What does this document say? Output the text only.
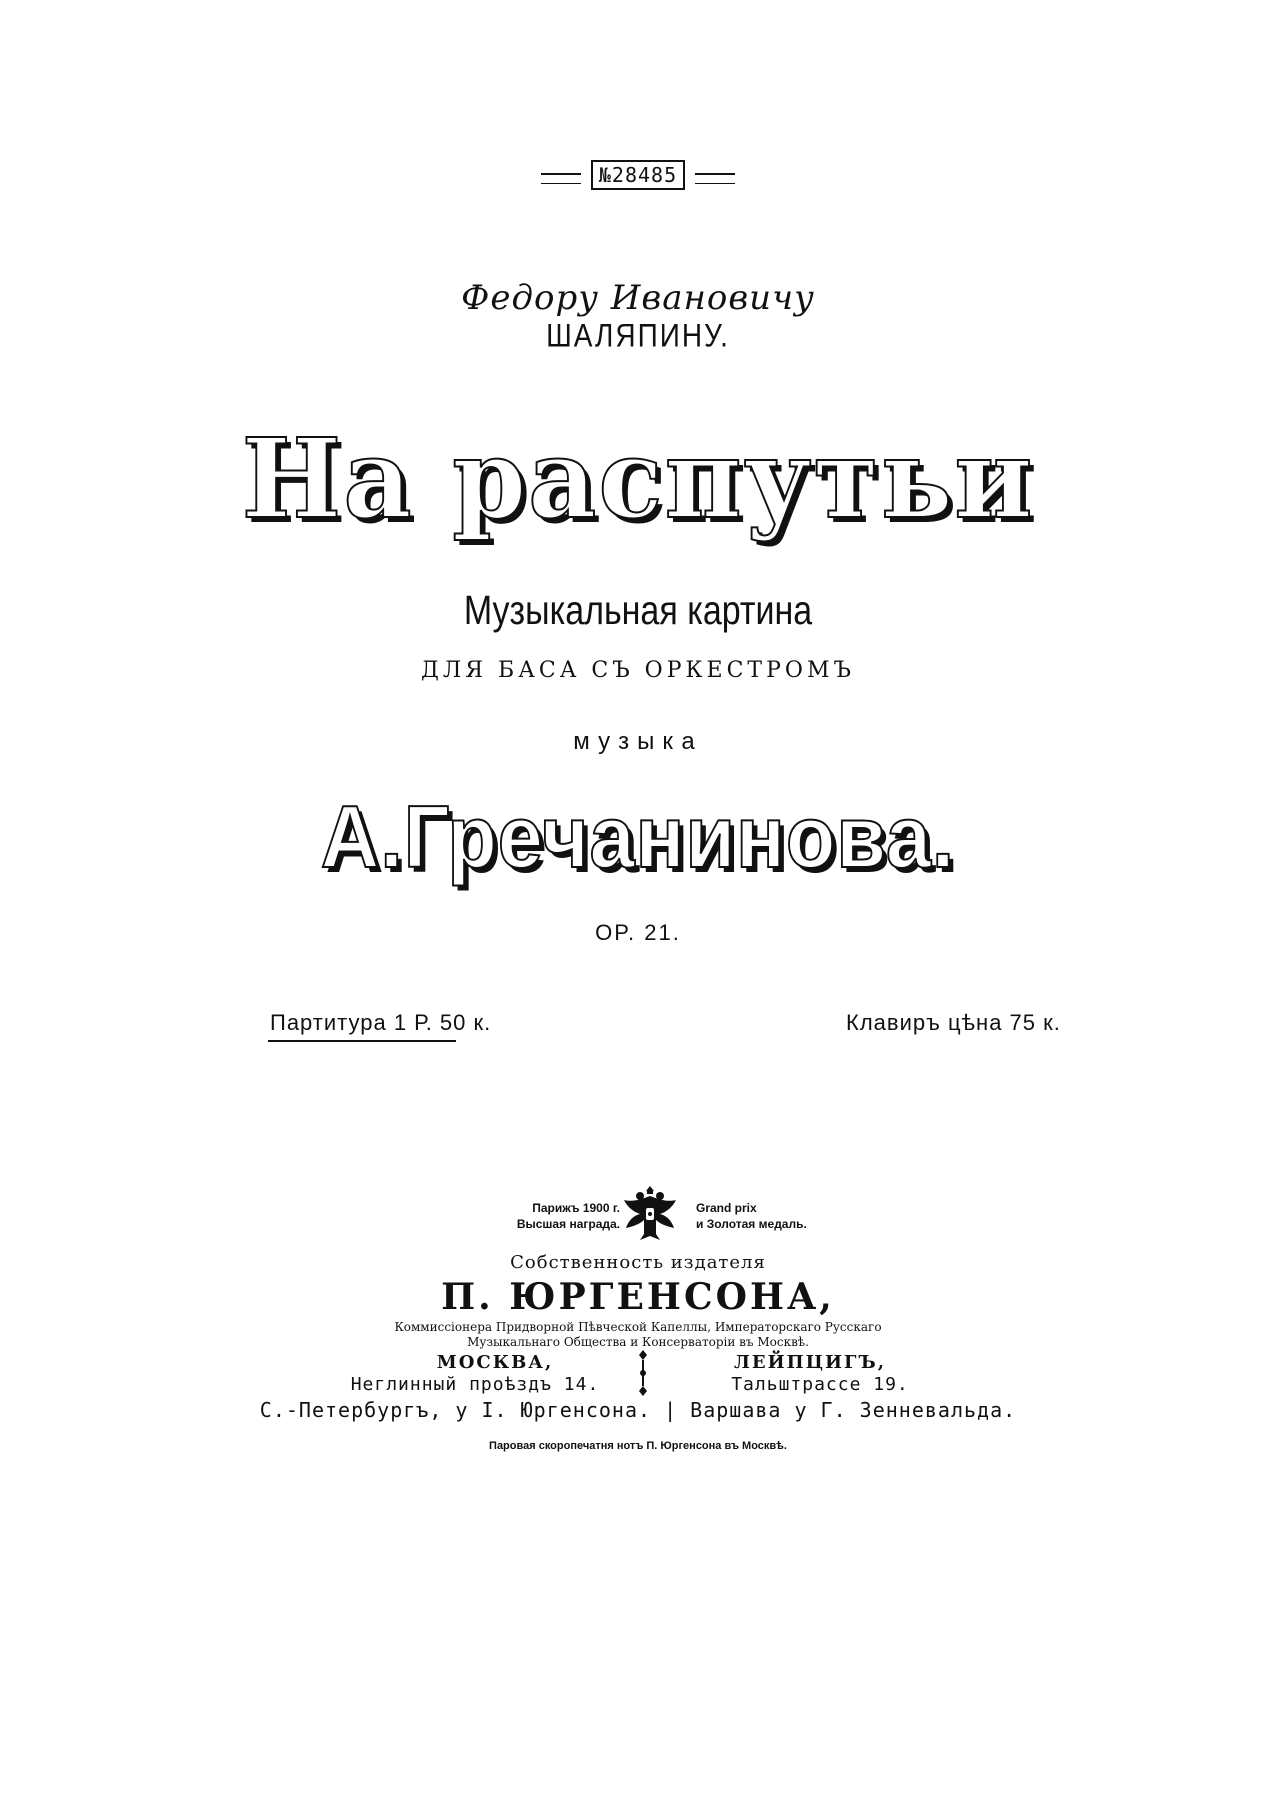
№28485
Федору Ивановичу
ШАЛЯПИНУ.
На распутьи
Музыкальная картина
ДЛЯ БАСА СЪ ОРКЕСТРОМЪ
музыка
А.Гречанинова.
OP. 21.
Партитура 1 Р. 50 к.	Клавиръ цѣна 75 к.
Парижъ 1900 г.
Высшая награда.
Grand prix
и Золотая медаль.
Собственность издателя
П. ЮРГЕНСОНА,
Коммиссіонера Придворной Пѣвческой Капеллы, Императорскаго Русскаго
Музыкальнаго Общества и Консерваторіи въ Москвѣ.
МОСКВА,
Неглинный проѣздъ 14.
ЛЕЙПЦИГЪ,
Тальштрассе 19.
С.-Петербургъ, у І. Юргенсона. | Варшава у Г. Зенневальда.
Паровая скоропечатня нотъ П. Юргенсона въ Москвѣ.
